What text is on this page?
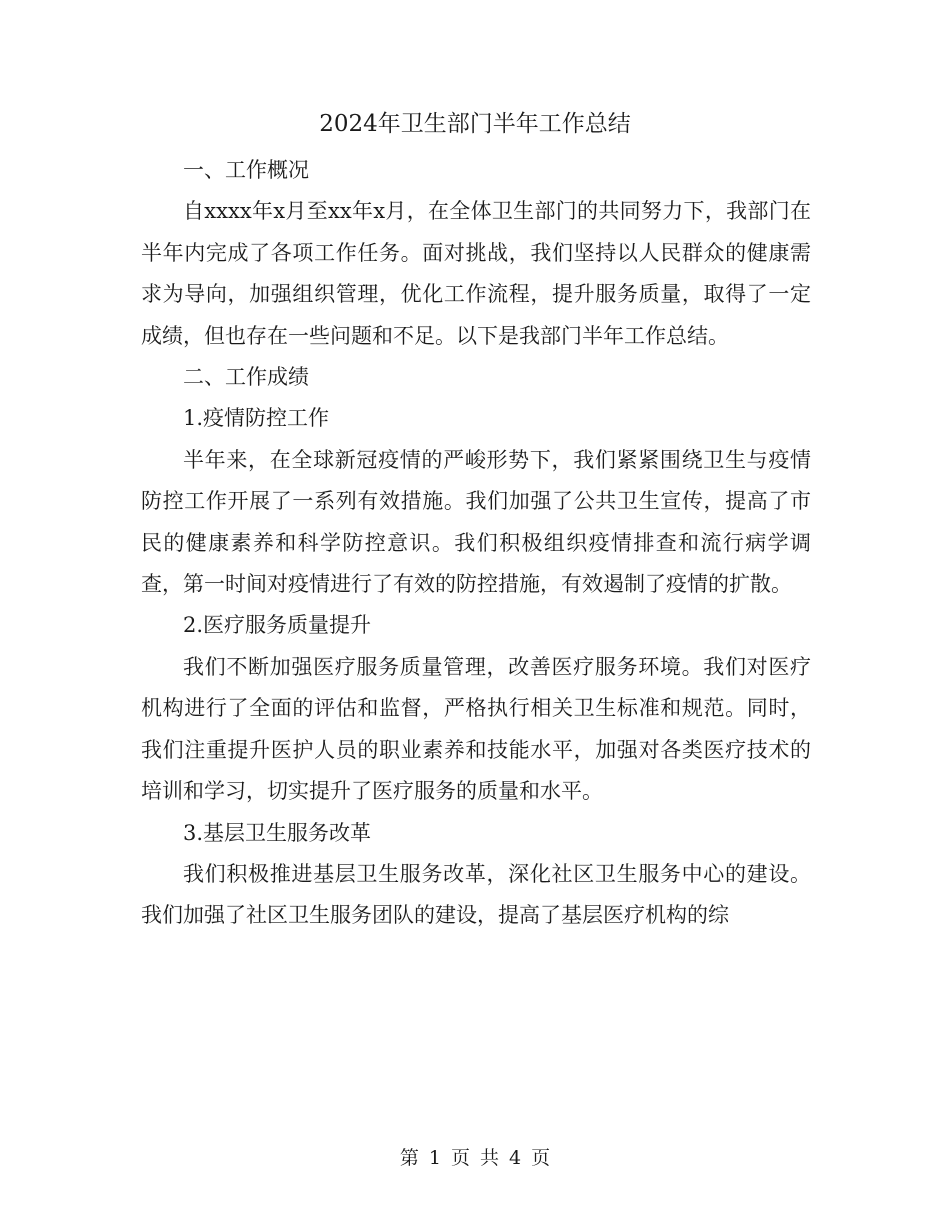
2024年卫生部门半年工作总结

一、工作概况

自xxxx年x月至xx年x月，在全体卫生部门的共同努力下，我部门在半年内完成了各项工作任务。面对挑战，我们坚持以人民群众的健康需求为导向，加强组织管理，优化工作流程，提升服务质量，取得了一定成绩，但也存在一些问题和不足。以下是我部门半年工作总结。

二、工作成绩

1.疫情防控工作

半年来，在全球新冠疫情的严峻形势下，我们紧紧围绕卫生与疫情防控工作开展了一系列有效措施。我们加强了公共卫生宣传，提高了市民的健康素养和科学防控意识。我们积极组织疫情排查和流行病学调查，第一时间对疫情进行了有效的防控措施，有效遏制了疫情的扩散。

2.医疗服务质量提升

我们不断加强医疗服务质量管理，改善医疗服务环境。我们对医疗机构进行了全面的评估和监督，严格执行相关卫生标准和规范。同时，我们注重提升医护人员的职业素养和技能水平，加强对各类医疗技术的培训和学习，切实提升了医疗服务的质量和水平。

3.基层卫生服务改革

我们积极推进基层卫生服务改革，深化社区卫生服务中心的建设。我们加强了社区卫生服务团队的建设，提高了基层医疗机构的综

第 1 页 共 4 页
